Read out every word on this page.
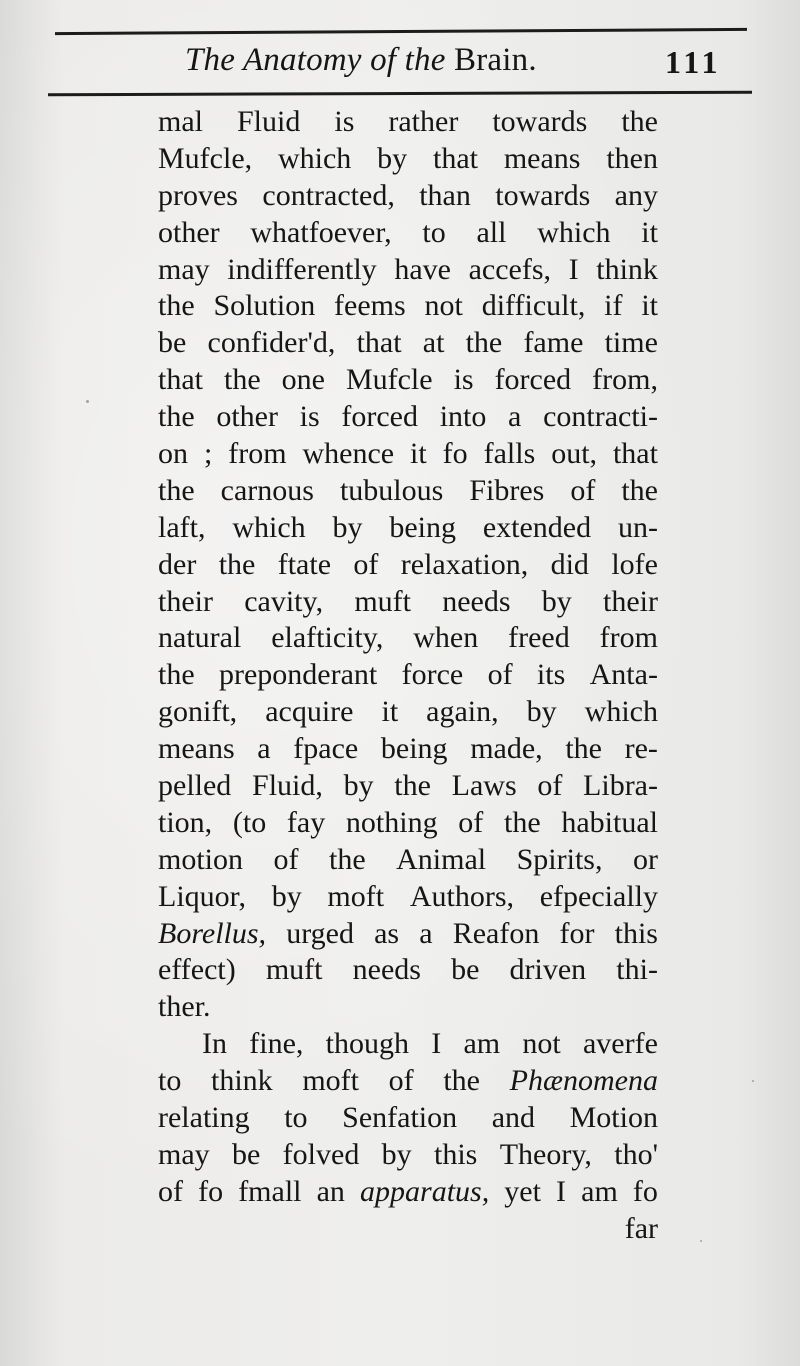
The Anatomy of the Brain.	111
mal Fluid is rather towards the
Mufcle, which by that means then
proves contracted, than towards any
other whatfoever, to all which it
may indifferently have accefs, I think
the Solution feems not difficult, if it
be confider'd, that at the fame time
that the one Mufcle is forced from,
the other is forced into a contracti-
on ; from whence it fo falls out, that
the carnous tubulous Fibres of the
laft, which by being extended un-
der the ftate of relaxation, did lofe
their cavity, muft needs by their
natural elafticity, when freed from
the preponderant force of its Anta-
gonift, acquire it again, by which
means a fpace being made, the re-
pelled Fluid, by the Laws of Libra-
tion, (to fay nothing of the habitual
motion of the Animal Spirits, or
Liquor, by moft Authors, efpecially
Borellus, urged as a Reafon for this
effect) muft needs be driven thi-
ther.
In fine, though I am not averfe
to think moft of the Phænomena
relating to Senfation and Motion
may be folved by this Theory, tho'
of fo fmall an apparatus, yet I am fo
far
